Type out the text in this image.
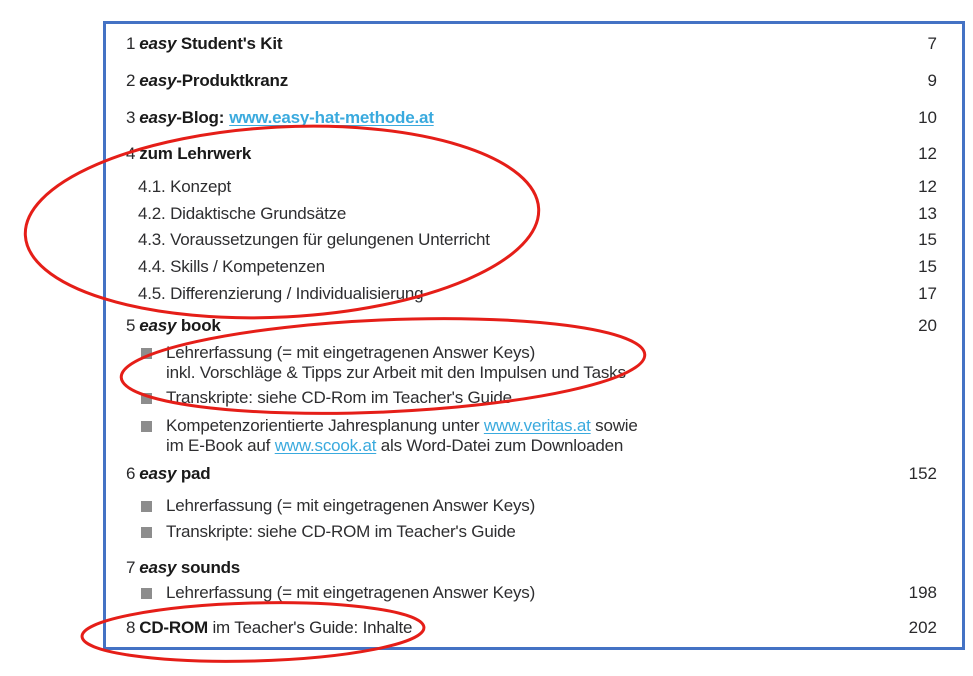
1 easy Student's Kit	7
2 easy-Produktkranz	9
3 easy-Blog: www.easy-hat-methode.at	10
4 zum Lehrwerk	12
4.1. Konzept	12
4.2. Didaktische Grundsätze	13
4.3. Voraussetzungen für gelungenen Unterricht	15
4.4. Skills / Kompetenzen	15
4.5. Differenzierung / Individualisierung	17
5 easy book	20
Lehrerfassung (= mit eingetragenen Answer Keys)
inkl. Vorschläge & Tipps zur Arbeit mit den Impulsen und Tasks
Transkripte: siehe CD-Rom im Teacher's Guide
Kompetenzorientierte Jahresplanung unter www.veritas.at sowie
im E-Book auf www.scook.at als Word-Datei zum Downloaden
6 easy pad	152
Lehrerfassung (= mit eingetragenen Answer Keys)
Transkripte: siehe CD-ROM im Teacher's Guide
7 easy sounds
Lehrerfassung (= mit eingetragenen Answer Keys)	198
8 CD-ROM im Teacher's Guide: Inhalte	202
